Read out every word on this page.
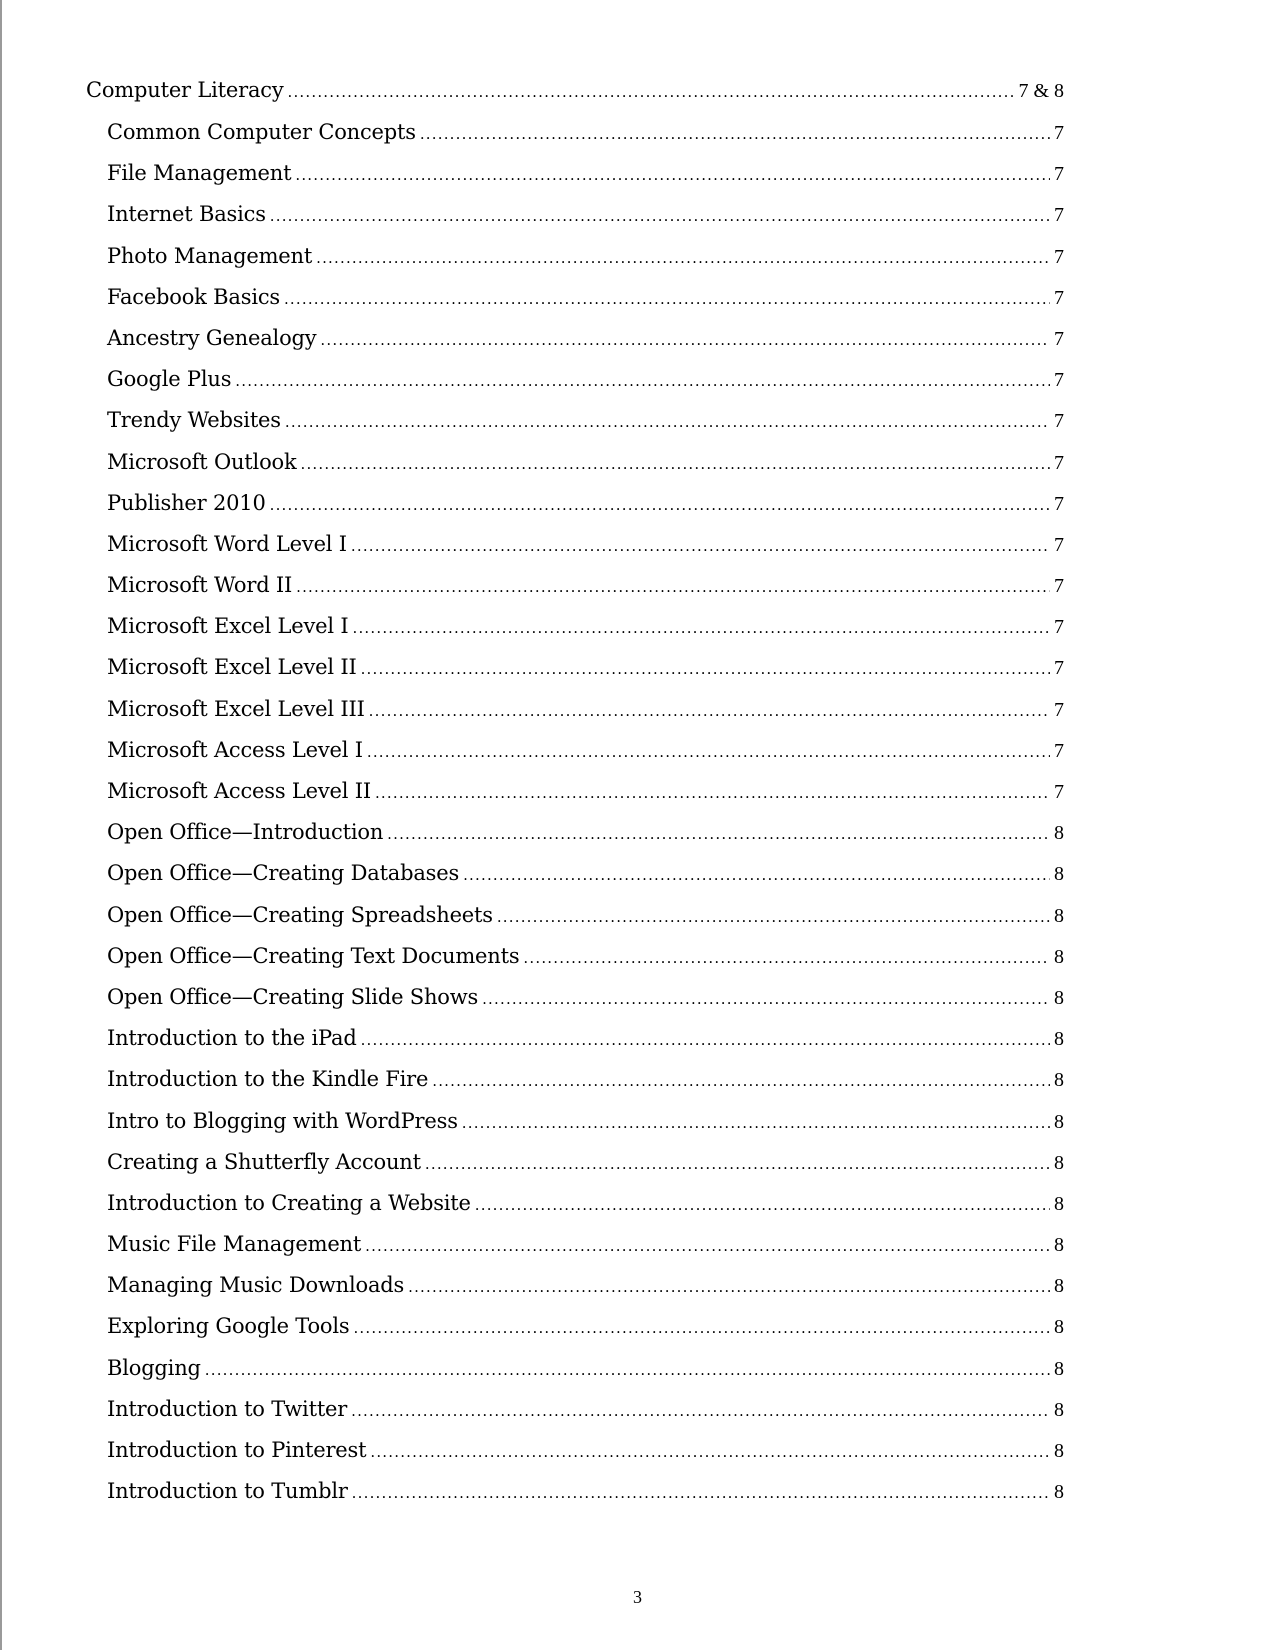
Computer Literacy .....	7 & 8
Common Computer Concepts .....	7
File Management .....	7
Internet Basics .....	7
Photo Management .....	7
Facebook Basics .....	7
Ancestry Genealogy .....	7
Google Plus .....	7
Trendy Websites .....	7
Microsoft Outlook .....	7
Publisher 2010 .....	7
Microsoft Word Level I .....	7
Microsoft Word II .....	7
Microsoft Excel Level I .....	7
Microsoft Excel Level II .....	7
Microsoft Excel Level III .....	7
Microsoft Access Level I .....	7
Microsoft Access Level II .....	7
Open Office—Introduction .....	8
Open Office—Creating Databases .....	8
Open Office—Creating Spreadsheets .....	8
Open Office—Creating Text Documents .....	8
Open Office—Creating Slide Shows .....	8
Introduction to the iPad .....	8
Introduction to the Kindle Fire .....	8
Intro to Blogging with WordPress .....	8
Creating a Shutterfly Account .....	8
Introduction to Creating a Website .....	8
Music File Management .....	8
Managing Music Downloads .....	8
Exploring Google Tools .....	8
Blogging .....	8
Introduction to Twitter .....	8
Introduction to Pinterest .....	8
Introduction to Tumblr .....	8
3
